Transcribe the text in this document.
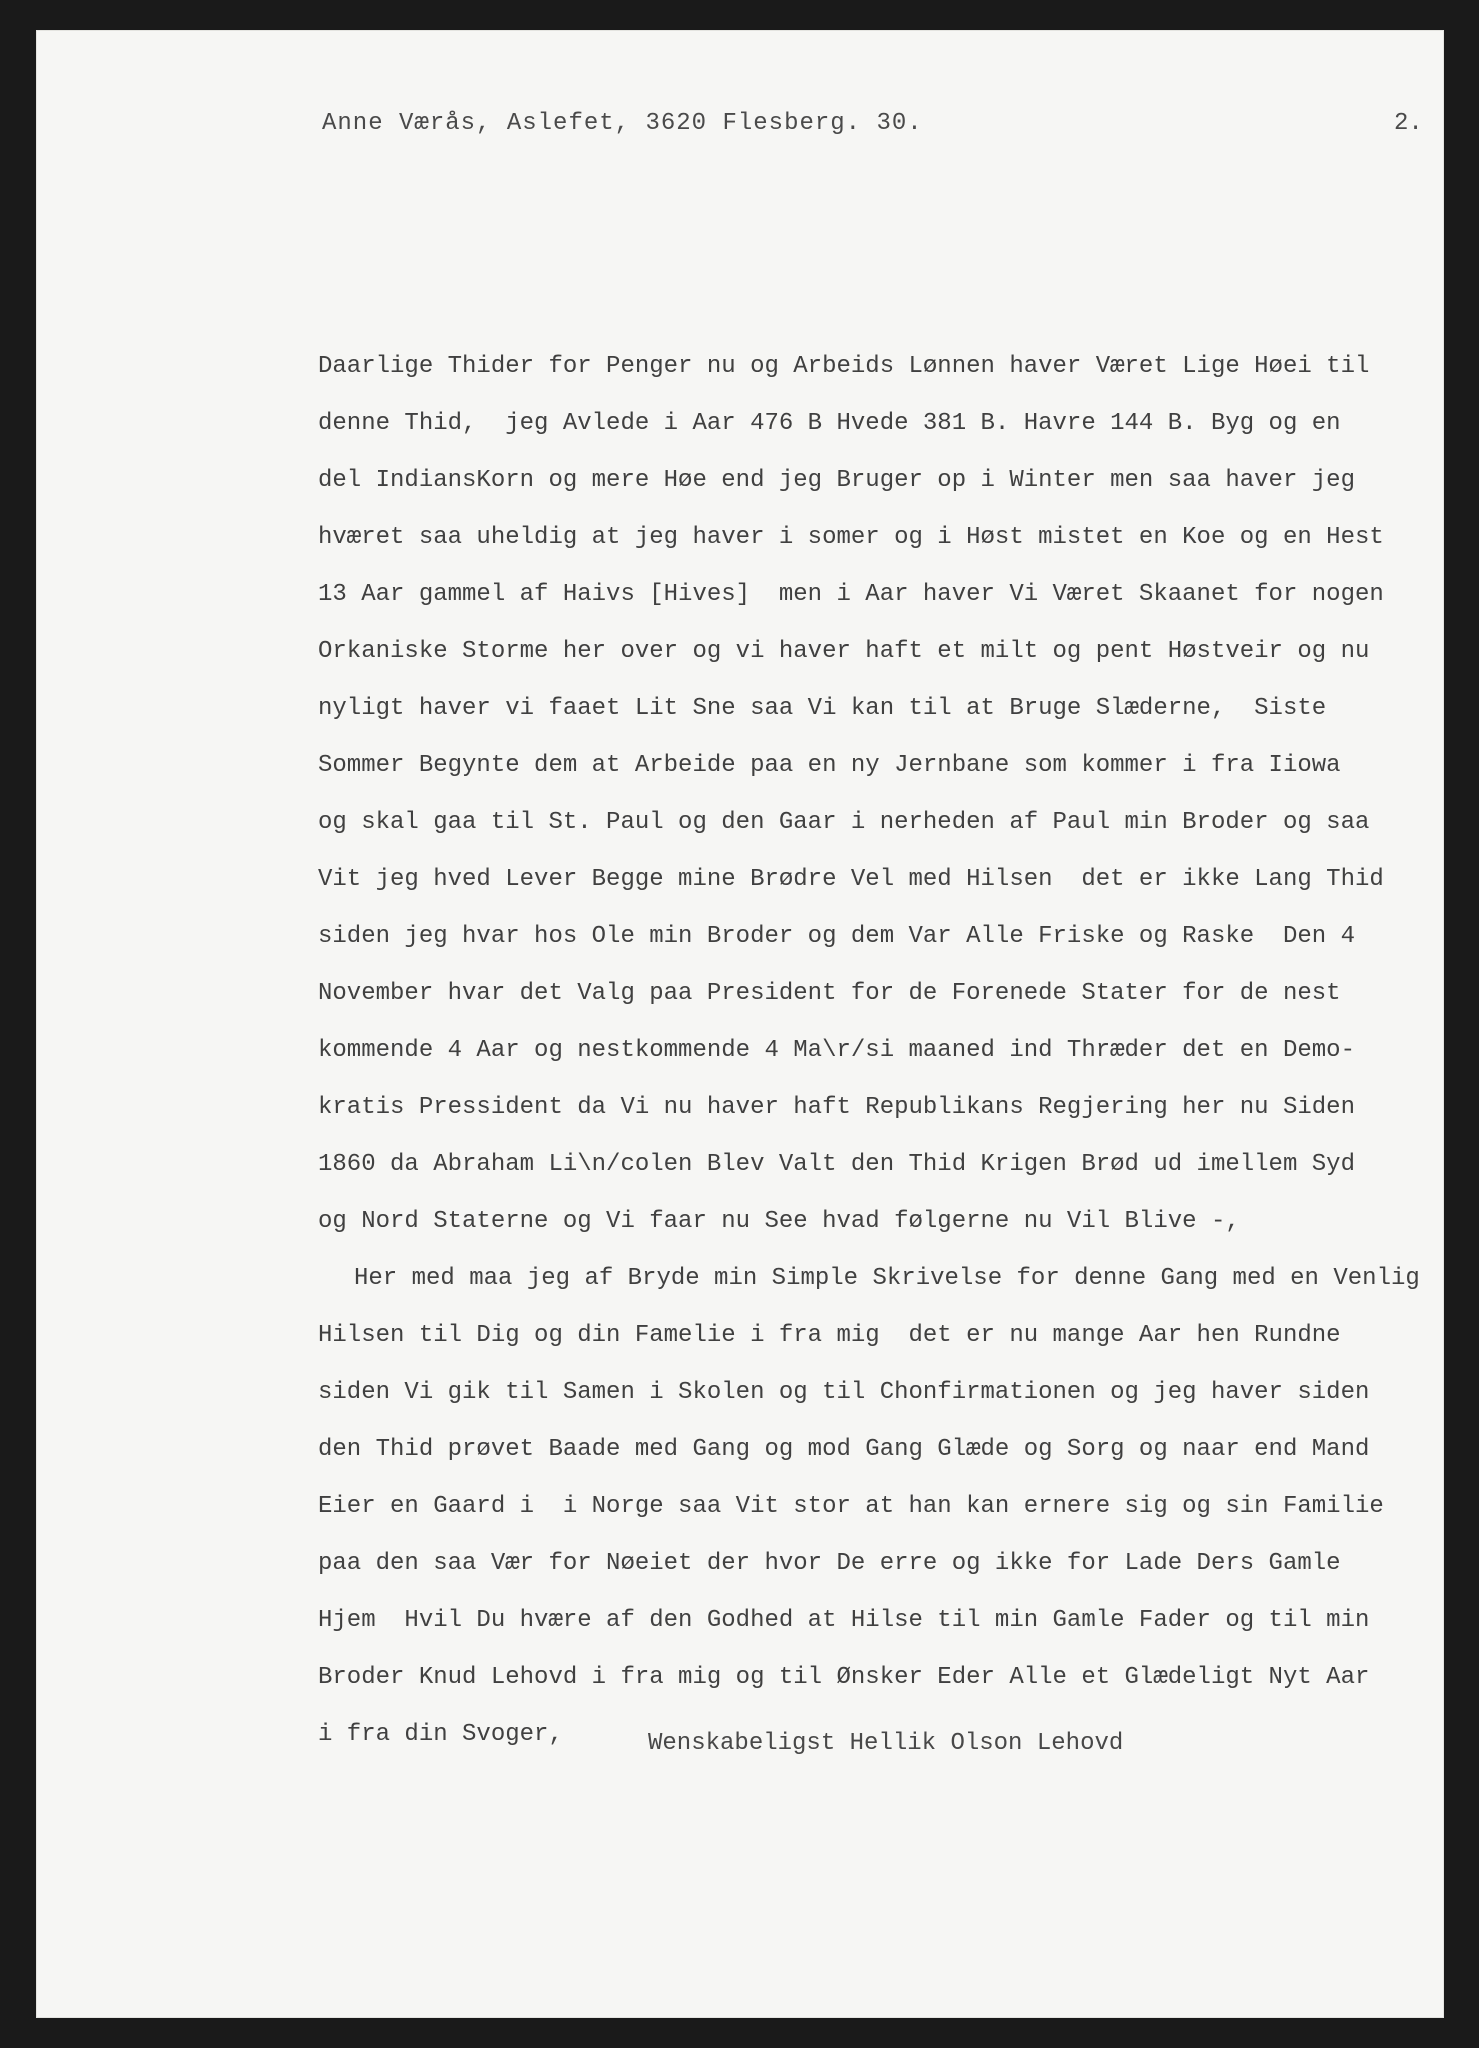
Anne Værås, Aslefet, 3620 Flesberg. 30.	2.
Daarlige Thider for Penger nu og Arbeids Lønnen haver Været Lige Høei til
denne Thid,  jeg Avlede i Aar 476 B Hvede 381 B. Havre 144 B. Byg og en
del IndiansKorn og mere Høe end jeg Bruger op i Winter men saa haver jeg
hværet saa uheldig at jeg haver i somer og i Høst mistet en Koe og en Hest
13 Aar gammel af Haivs [Hives]  men i Aar haver Vi Været Skaanet for nogen
Orkaniske Storme her over og vi haver haft et milt og pent Høstveir og nu
nyligt haver vi faaet Lit Sne saa Vi kan til at Bruge Slæderne,  Siste
Sommer Begynte dem at Arbeide paa en ny Jernbane som kommer i fra Iiowa
og skal gaa til St. Paul og den Gaar i nerheden af Paul min Broder og saa
Vit jeg hved Lever Begge mine Brødre Vel med Hilsen  det er ikke Lang Thid
siden jeg hvar hos Ole min Broder og dem Var Alle Friske og Raske  Den 4
November hvar det Valg paa President for de Forenede Stater for de nest
kommende 4 Aar og nestkommende 4 Ma\r/si maaned ind Thræder det en Demo-
kratis Pressident da Vi nu haver haft Republikans Regjering her nu Siden
1860 da Abraham Li\n/colen Blev Valt den Thid Krigen Brød ud imellem Syd
og Nord Staterne og Vi faar nu See hvad følgerne nu Vil Blive -,
Her med maa jeg af Bryde min Simple Skrivelse for denne Gang med en Venlig
Hilsen til Dig og din Famelie i fra mig  det er nu mange Aar hen Rundne
siden Vi gik til Samen i Skolen og til Chonfirmationen og jeg haver siden
den Thid prøvet Baade med Gang og mod Gang Glæde og Sorg og naar end Mand
Eier en Gaard i  i Norge saa Vit stor at han kan ernere sig og sin Familie
paa den saa Vær for Nøeiet der hvor De erre og ikke for Lade Ders Gamle
Hjem  Hvil Du hvære af den Godhed at Hilse til min Gamle Fader og til min
Broder Knud Lehovd i fra mig og til Ønsker Eder Alle et Glædeligt Nyt Aar
i fra din Svoger,	Wenskabeligst Hellik Olson Lehovd
